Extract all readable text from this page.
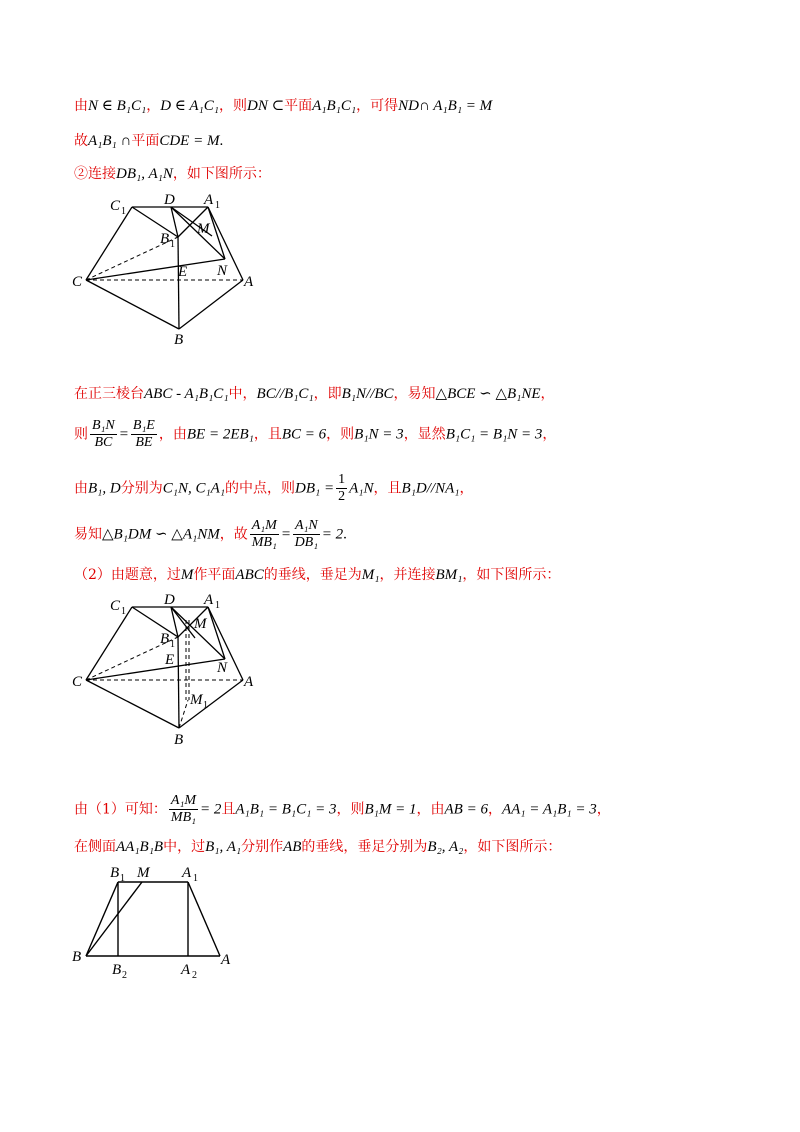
由N ∈ B₁C₁，D ∈ A₁C₁，则DN ⊂平面A₁B₁C₁，可得ND∩ A₁B₁ = M
故A₁B₁ ∩平面CDE = M.
②连接DB₁, A₁N，如下图所示：
C 1
D A 1
B 1
M
E N
C	A
B
在正三棱台ABC - A₁B₁C₁中，BC//B₁C₁，即B₁N//BC，易知△BCE ∽ △B₁NE，
则 $\frac{\text{B₁N}}{BC} = \frac{\text{B₁E}}{BE}$ ，由BE = 2EB₁，且BC = 6，则B₁N = 3，显然B₁C₁ = B₁N = 3，
由B₁, D分别为C₁N, C₁A₁的中点，则$DB_1 = \frac{1}{2} A_1N$，且B₁D//NA₁，
易知△B₁DM ∽ △A₁NM，故 $\frac{\text{A₁M}}{\text{MB₁}} = \frac{\text{A₁N}}{\text{DB₁}} = 2$.
（2）由题意，过M作平面ABC的垂线，垂足为M₁，并连接BM₁，如下图所示：
C 1
D A 1
B 1
M
E	N
C	A
M 1
B
由（1）可知： $\frac{\text{A₁M}}{\text{MB₁}} = 2$且A₁B₁ = B₁C₁ = 3，则B₁M = 1，由AB = 6，AA₁ = A₁B₁ = 3，
在侧面AA₁B₁B中，过B₁, A₁分别作AB的垂线，垂足分别为B₂, A₂，如下图所示：
B 1 M A 1
B
B 2	A 2
A
